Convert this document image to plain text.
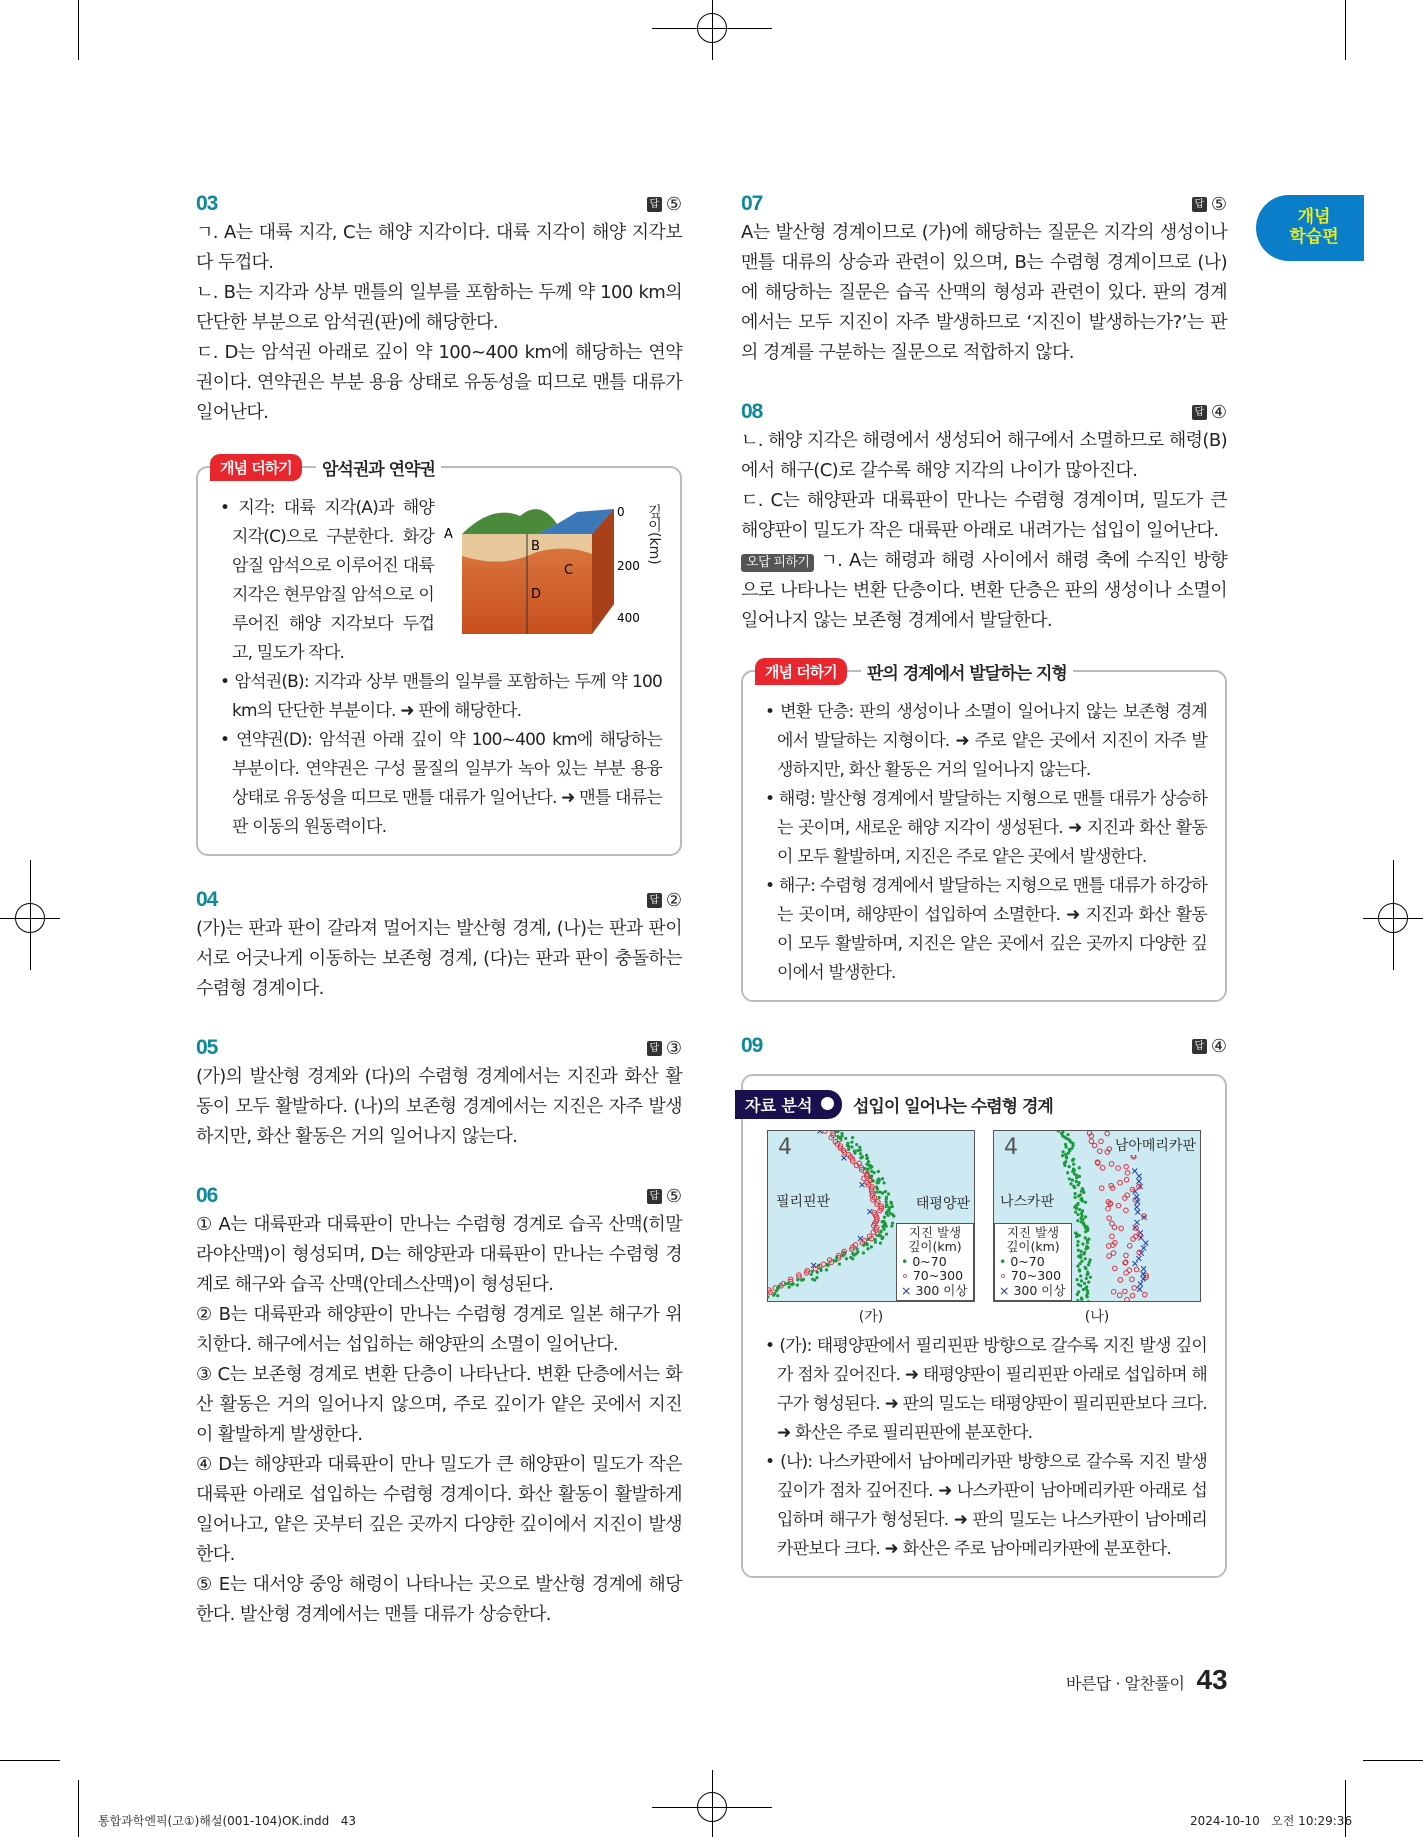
개념
학습편
03	답 ⑤

ㄱ. A는 대륙 지각, C는 해양 지각이다. 대륙 지각이 해양 지각보다 두껍다.

ㄴ. B는 지각과 상부 맨틀의 일부를 포함하는 두께 약 100 km의 단단한 부분으로 암석권(판)에 해당한다.

ㄷ. D는 암석권 아래로 깊이 약 100~400 km에 해당하는 연약권이다. 연약권은 부분 용융 상태로 유동성을 띠므로 맨틀 대류가 일어난다.

개념 더하기	암석권과 연약권

• 지각: 대륙 지각(A)과 해양 지각(C)으로 구분한다. 화강암질 암석으로 이루어진 대륙 지각은 현무암질 암석으로 이루어진 해양 지각보다 두껍고, 밀도가 작다.

A
B
C
D
0
200
400
깊이(km)

• 암석권(B): 지각과 상부 맨틀의 일부를 포함하는 두께 약 100 km의 단단한 부분이다. ➜ 판에 해당한다.

• 연약권(D): 암석권 아래 깊이 약 100~400 km에 해당하는 부분이다. 연약권은 구성 물질의 일부가 녹아 있는 부분 용융 상태로 유동성을 띠므로 맨틀 대류가 일어난다. ➜ 맨틀 대류는 판 이동의 원동력이다.

04	답 ②

(가)는 판과 판이 갈라져 멀어지는 발산형 경계, (나)는 판과 판이 서로 어긋나게 이동하는 보존형 경계, (다)는 판과 판이 충돌하는 수렴형 경계이다.

05	답 ③

(가)의 발산형 경계와 (다)의 수렴형 경계에서는 지진과 화산 활동이 모두 활발하다. (나)의 보존형 경계에서는 지진은 자주 발생하지만, 화산 활동은 거의 일어나지 않는다.

06	답 ⑤

① A는 대륙판과 대륙판이 만나는 수렴형 경계로 습곡 산맥(히말라야산맥)이 형성되며, D는 해양판과 대륙판이 만나는 수렴형 경계로 해구와 습곡 산맥(안데스산맥)이 형성된다.

② B는 대륙판과 해양판이 만나는 수렴형 경계로 일본 해구가 위치한다. 해구에서는 섭입하는 해양판의 소멸이 일어난다.

③ C는 보존형 경계로 변환 단층이 나타난다. 변환 단층에서는 화산 활동은 거의 일어나지 않으며, 주로 깊이가 얕은 곳에서 지진이 활발하게 발생한다.

④ D는 해양판과 대륙판이 만나 밀도가 큰 해양판이 밀도가 작은 대륙판 아래로 섭입하는 수렴형 경계이다. 화산 활동이 활발하게 일어나고, 얕은 곳부터 깊은 곳까지 다양한 깊이에서 지진이 발생한다.

⑤ E는 대서양 중앙 해령이 나타나는 곳으로 발산형 경계에 해당한다. 발산형 경계에서는 맨틀 대류가 상승한다.

07	답 ⑤

A는 발산형 경계이므로 (가)에 해당하는 질문은 지각의 생성이나 맨틀 대류의 상승과 관련이 있으며, B는 수렴형 경계이므로 (나)에 해당하는 질문은 습곡 산맥의 형성과 관련이 있다. 판의 경계에서는 모두 지진이 자주 발생하므로 ‘지진이 발생하는가?’는 판의 경계를 구분하는 질문으로 적합하지 않다.

08	답 ④

ㄴ. 해양 지각은 해령에서 생성되어 해구에서 소멸하므로 해령(B)에서 해구(C)로 갈수록 해양 지각의 나이가 많아진다.

ㄷ. C는 해양판과 대륙판이 만나는 수렴형 경계이며, 밀도가 큰 해양판이 밀도가 작은 대륙판 아래로 내려가는 섭입이 일어난다.

오답 피하기 ㄱ. A는 해령과 해령 사이에서 해령 축에 수직인 방향으로 나타나는 변환 단층이다. 변환 단층은 판의 생성이나 소멸이 일어나지 않는 보존형 경계에서 발달한다.

개념 더하기	판의 경계에서 발달하는 지형

• 변환 단층: 판의 생성이나 소멸이 일어나지 않는 보존형 경계에서 발달하는 지형이다. ➜ 주로 얕은 곳에서 지진이 자주 발생하지만, 화산 활동은 거의 일어나지 않는다.

• 해령: 발산형 경계에서 발달하는 지형으로 맨틀 대류가 상승하는 곳이며, 새로운 해양 지각이 생성된다. ➜ 지진과 화산 활동이 모두 활발하며, 지진은 주로 얕은 곳에서 발생한다.

• 해구: 수렴형 경계에서 발달하는 지형으로 맨틀 대류가 하강하는 곳이며, 해양판이 섭입하여 소멸한다. ➜ 지진과 화산 활동이 모두 활발하며, 지진은 얕은 곳에서 깊은 곳까지 다양한 깊이에서 발생한다.

09	답 ④
자료 분석	섭입이 일어나는 수렴형 경계
4
필리핀판	태평양판
지진 발생
깊이(km)
• 0~70
∘ 70~300
× 300 이상
(가)
4	남아메리카판
나스카판
지진 발생
깊이(km)
• 0~70
∘ 70~300
× 300 이상
(나)

• (가): 태평양판에서 필리핀판 방향으로 갈수록 지진 발생 깊이가 점차 깊어진다. ➜ 태평양판이 필리핀판 아래로 섭입하며 해구가 형성된다. ➜ 판의 밀도는 태평양판이 필리핀판보다 크다. ➜ 화산은 주로 필리핀판에 분포한다.

• (나): 나스카판에서 남아메리카판 방향으로 갈수록 지진 발생 깊이가 점차 깊어진다. ➜ 나스카판이 남아메리카판 아래로 섭입하며 해구가 형성된다. ➜ 판의 밀도는 나스카판이 남아메리카판보다 크다. ➜ 화산은 주로 남아메리카판에 분포한다.

바른답 · 알찬풀이 43
통합과학엔픽(고①)해설(001-104)OK.indd   43	2024-10-10   오전 10:29:36
